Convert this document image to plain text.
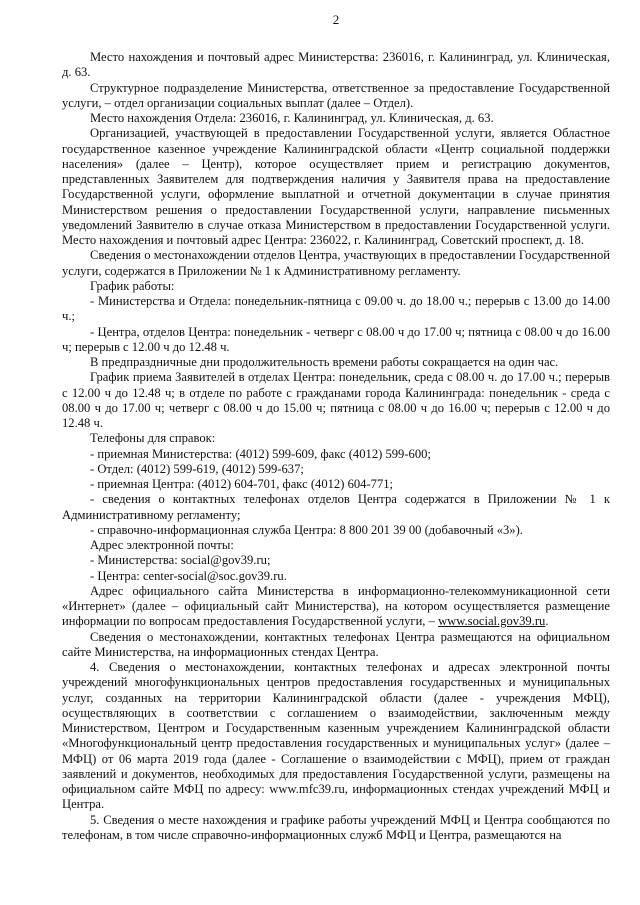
2

Место нахождения и почтовый адрес Министерства: 236016, г. Калининград, ул. Клиническая, д. 63.

Структурное подразделение Министерства, ответственное за предоставление Государственной услуги, – отдел организации социальных выплат (далее – Отдел).

Место нахождения Отдела: 236016, г. Калининград, ул. Клиническая, д. 63.

Организацией, участвующей в предоставлении Государственной услуги, является Областное государственное казенное учреждение Калининградской области «Центр социальной поддержки населения» (далее – Центр), которое осуществляет прием и регистрацию документов, представленных Заявителем для подтверждения наличия у Заявителя права на предоставление Государственной услуги, оформление выплатной и отчетной документации в случае принятия Министерством решения о предоставлении Государственной услуги, направление письменных уведомлений Заявителю в случае отказа Министерством в предоставлении Государственной услуги. Место нахождения и почтовый адрес Центра: 236022, г. Калининград, Советский проспект, д. 18.

Сведения о местонахождении отделов Центра, участвующих в предоставлении Государственной услуги, содержатся в Приложении № 1 к Административному регламенту.

График работы:

- Министерства и Отдела: понедельник-пятница с 09.00 ч. до 18.00 ч.; перерыв с 13.00 до 14.00 ч.;

- Центра, отделов Центра: понедельник - четверг с 08.00 ч до 17.00 ч; пятница с 08.00 ч до 16.00 ч; перерыв с 12.00 ч до 12.48 ч.

В предпраздничные дни продолжительность времени работы сокращается на один час.

График приема Заявителей в отделах Центра: понедельник, среда с 08.00 ч. до 17.00 ч.; перерыв с 12.00 ч до 12.48 ч; в отделе по работе с гражданами города Калининграда: понедельник - среда с 08.00 ч до 17.00 ч; четверг с 08.00 ч до 15.00 ч; пятница с 08.00 ч до 16.00 ч; перерыв с 12.00 ч до 12.48 ч.

Телефоны для справок:

- приемная Министерства: (4012) 599-609, факс (4012) 599-600;

- Отдел: (4012) 599-619, (4012) 599-637;

- приемная Центра: (4012) 604-701, факс (4012) 604-771;

- сведения о контактных телефонах отделов Центра содержатся в Приложении № 1 к Административному регламенту;

- справочно-информационная служба Центра: 8 800 201 39 00 (добавочный «3»).

Адрес электронной почты:

- Министерства: social@gov39.ru;

- Центра: center-social@soc.gov39.ru.

Адрес официального сайта Министерства в информационно-телекоммуникационной сети «Интернет» (далее – официальный сайт Министерства), на котором осуществляется размещение информации по вопросам предоставления Государственной услуги, – www.social.gov39.ru.

Сведения о местонахождении, контактных телефонах Центра размещаются на официальном сайте Министерства, на информационных стендах Центра.

4. Сведения о местонахождении, контактных телефонах и адресах электронной почты учреждений многофункциональных центров предоставления государственных и муниципальных услуг, созданных на территории Калининградской области (далее - учреждения МФЦ), осуществляющих в соответствии с соглашением о взаимодействии, заключенным между Министерством, Центром и Государственным казенным учреждением Калининградской области «Многофункциональный центр предоставления государственных и муниципальных услуг» (далее – МФЦ) от 06 марта 2019 года (далее - Соглашение о взаимодействии с МФЦ), прием от граждан заявлений и документов, необходимых для предоставления Государственной услуги, размещены на официальном сайте МФЦ по адресу: www.mfc39.ru, информационных стендах учреждений МФЦ и Центра.

5. Сведения о месте нахождения и графике работы учреждений МФЦ и Центра сообщаются по телефонам, в том числе справочно-информационных служб МФЦ и Центра, размещаются на
